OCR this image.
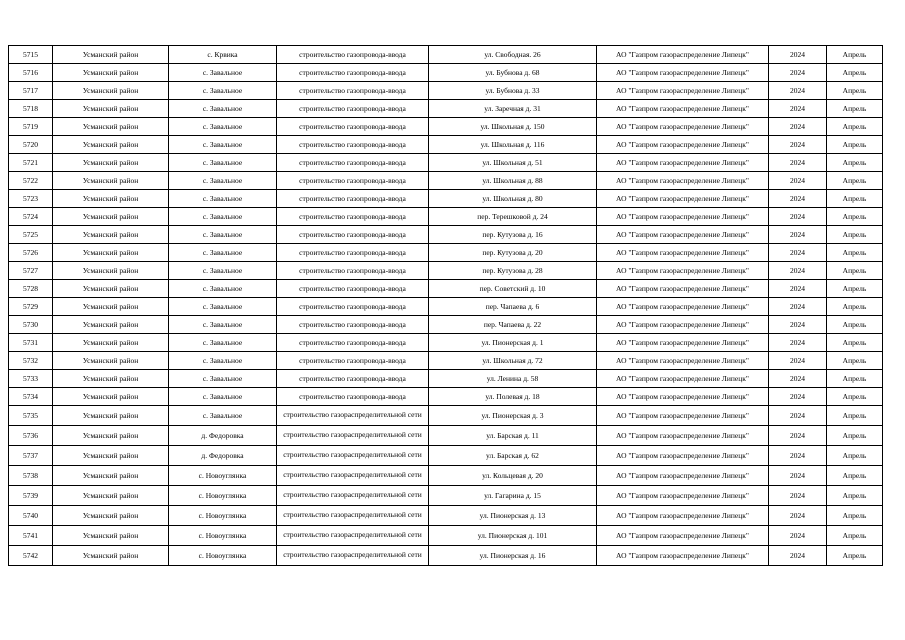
5715	Усманский район	с. Крвика	строительство газопровода-ввода	ул. Свободная. 26	АО "Газпром газораспределение Липецк"	2024	Апрель
5716	Усманский район	с. Завальное	строительство газопровода-ввода	ул. Бубнова д. 68	АО "Газпром газораспределение Липецк"	2024	Апрель
5717	Усманский район	с. Завальное	строительство газопровода-ввода	ул. Бубнова д. 33	АО "Газпром газораспределение Липецк"	2024	Апрель
5718	Усманский район	с. Завальное	строительство газопровода-ввода	ул. Заречная д. 31	АО "Газпром газораспределение Липецк"	2024	Апрель
5719	Усманский район	с. Завальное	строительство газопровода-ввода	ул. Школьная д. 150	АО "Газпром газораспределение Липецк"	2024	Апрель
5720	Усманский район	с. Завальное	строительство газопровода-ввода	ул. Школьная д. 116	АО "Газпром газораспределение Липецк"	2024	Апрель
5721	Усманский район	с. Завальное	строительство газопровода-ввода	ул. Школьная д. 51	АО "Газпром газораспределение Липецк"	2024	Апрель
5722	Усманский район	с. Завальное	строительство газопровода-ввода	ул. Школьная д. 88	АО "Газпром газораспределение Липецк"	2024	Апрель
5723	Усманский район	с. Завальное	строительство газопровода-ввода	ул. Школьная д. 80	АО "Газпром газораспределение Липецк"	2024	Апрель
5724	Усманский район	с. Завальное	строительство газопровода-ввода	пер. Терешковой д. 24	АО "Газпром газораспределение Липецк"	2024	Апрель
5725	Усманский район	с. Завальное	строительство газопровода-ввода	пер. Кутузова д. 16	АО "Газпром газораспределение Липецк"	2024	Апрель
5726	Усманский район	с. Завальное	строительство газопровода-ввода	пер. Кутузова д. 20	АО "Газпром газораспределение Липецк"	2024	Апрель
5727	Усманский район	с. Завальное	строительство газопровода-ввода	пер. Кутузова д. 28	АО "Газпром газораспределение Липецк"	2024	Апрель
5728	Усманский район	с. Завальное	строительство газопровода-ввода	пер. Советский д. 10	АО "Газпром газораспределение Липецк"	2024	Апрель
5729	Усманский район	с. Завальное	строительство газопровода-ввода	пер. Чапаева д. 6	АО "Газпром газораспределение Липецк"	2024	Апрель
5730	Усманский район	с. Завальное	строительство газопровода-ввода	пер. Чапаева д. 22	АО "Газпром газораспределение Липецк"	2024	Апрель
5731	Усманский район	с. Завальное	строительство газопровода-ввода	ул. Пионерская д. 1	АО "Газпром газораспределение Липецк"	2024	Апрель
5732	Усманский район	с. Завальное	строительство газопровода-ввода	ул. Школьная д. 72	АО "Газпром газораспределение Липецк"	2024	Апрель
5733	Усманский район	с. Завальное	строительство газопровода-ввода	ул. Ленина д. 58	АО "Газпром газораспределение Липецк"	2024	Апрель
5734	Усманский район	с. Завальное	строительство газопровода-ввода	ул. Полевая д. 18	АО "Газпром газораспределение Липецк"	2024	Апрель
5735	Усманский район	с. Завальное	строительство газораспределительной сети	ул. Пионерская д. 3	АО "Газпром газораспределение Липецк"	2024	Апрель
5736	Усманский район	д. Федоровка	строительство газораспределительной сети	ул. Барская д. 11	АО "Газпром газораспределение Липецк"	2024	Апрель
5737	Усманский район	д. Федоровка	строительство газораспределительной сети	ул. Барская д. 62	АО "Газпром газораспределение Липецк"	2024	Апрель
5738	Усманский район	с. Новоуглянка	строительство газораспределительной сети	ул. Кольцевая д. 20	АО "Газпром газораспределение Липецк"	2024	Апрель
5739	Усманский район	с. Новоуглянка	строительство газораспределительной сети	ул. Гагарина д. 15	АО "Газпром газораспределение Липецк"	2024	Апрель
5740	Усманский район	с. Новоуглянка	строительство газораспределительной сети	ул. Пионерская д. 13	АО "Газпром газораспределение Липецк"	2024	Апрель
5741	Усманский район	с. Новоуглянка	строительство газораспределительной сети	ул. Пионерская д. 101	АО "Газпром газораспределение Липецк"	2024	Апрель
5742	Усманский район	с. Новоуглянка	строительство газораспределительной сети	ул. Пионерская д. 16	АО "Газпром газораспределение Липецк"	2024	Апрель
